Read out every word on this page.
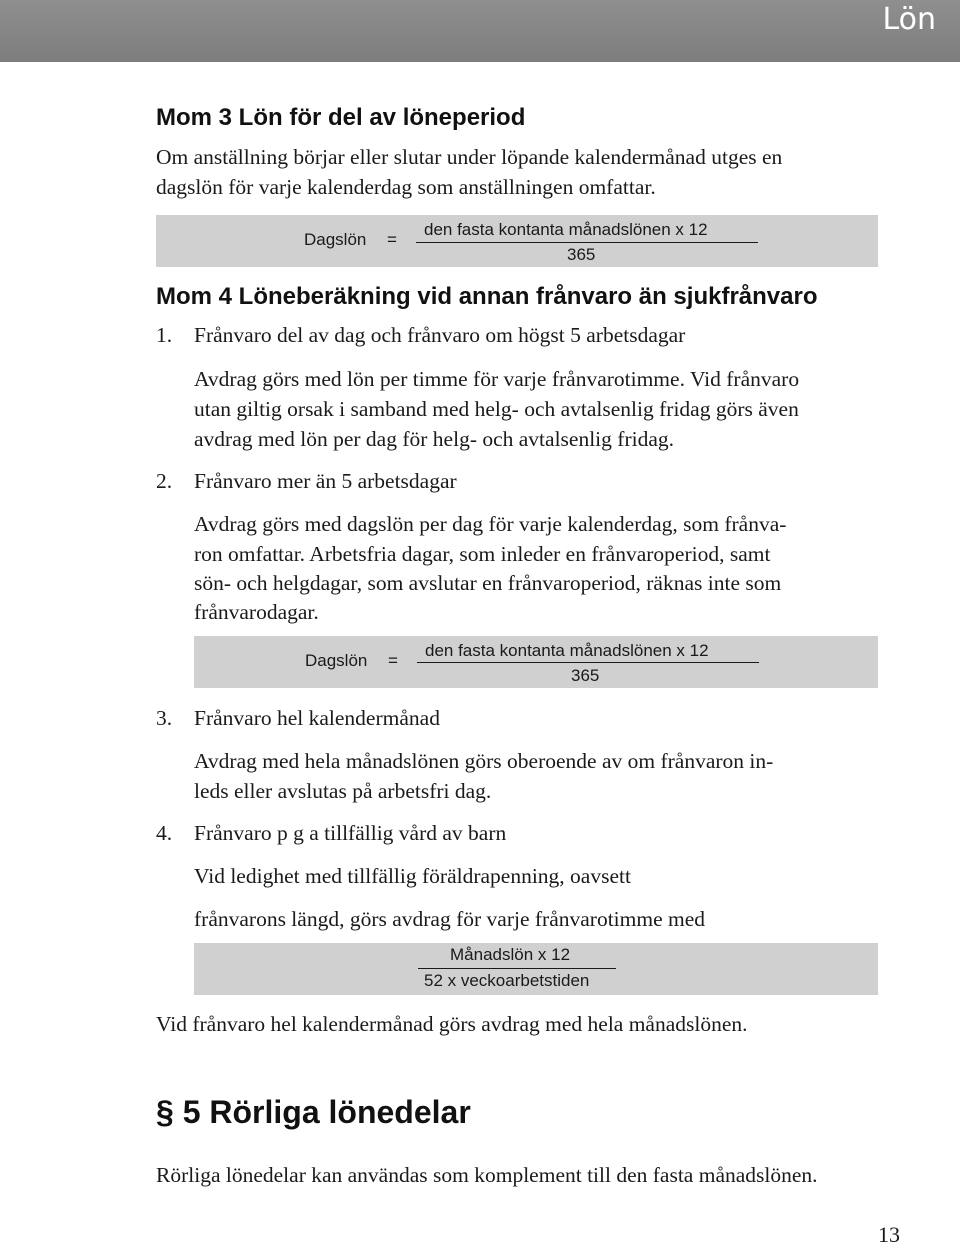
Lön
Mom 3 Lön för del av löneperiod
Om anställning börjar eller slutar under löpande kalendermånad utges en
dagslön för varje kalenderdag som anställningen omfattar.
Dagslön =
den fasta kontanta månadslönen x 12
365
Mom 4 Löneberäkning vid annan frånvaro än sjukfrånvaro
1. Frånvaro del av dag och frånvaro om högst 5 arbetsdagar
Avdrag görs med lön per timme för varje frånvarotimme. Vid frånvaro
utan giltig orsak i samband med helg- och avtalsenlig fridag görs även
avdrag med lön per dag för helg- och avtalsenlig fridag.
2. Frånvaro mer än 5 arbetsdagar
Avdrag görs med dagslön per dag för varje kalenderdag, som frånva-
ron omfattar. Arbetsfria dagar, som inleder en frånvaroperiod, samt
sön- och helgdagar, som avslutar en frånvaroperiod, räknas inte som
frånvarodagar.
Dagslön =
den fasta kontanta månadslönen x 12
365
3. Frånvaro hel kalendermånad
Avdrag med hela månadslönen görs oberoende av om frånvaron in-
leds eller avslutas på arbetsfri dag.
4. Frånvaro p g a tillfällig vård av barn
Vid ledighet med tillfällig föräldrapenning, oavsett
frånvarons längd, görs avdrag för varje frånvarotimme med
Månadslön x 12
52 x veckoarbetstiden
Vid frånvaro hel kalendermånad görs avdrag med hela månadslönen.
§ 5 Rörliga lönedelar
Rörliga lönedelar kan användas som komplement till den fasta månadslönen.
13
